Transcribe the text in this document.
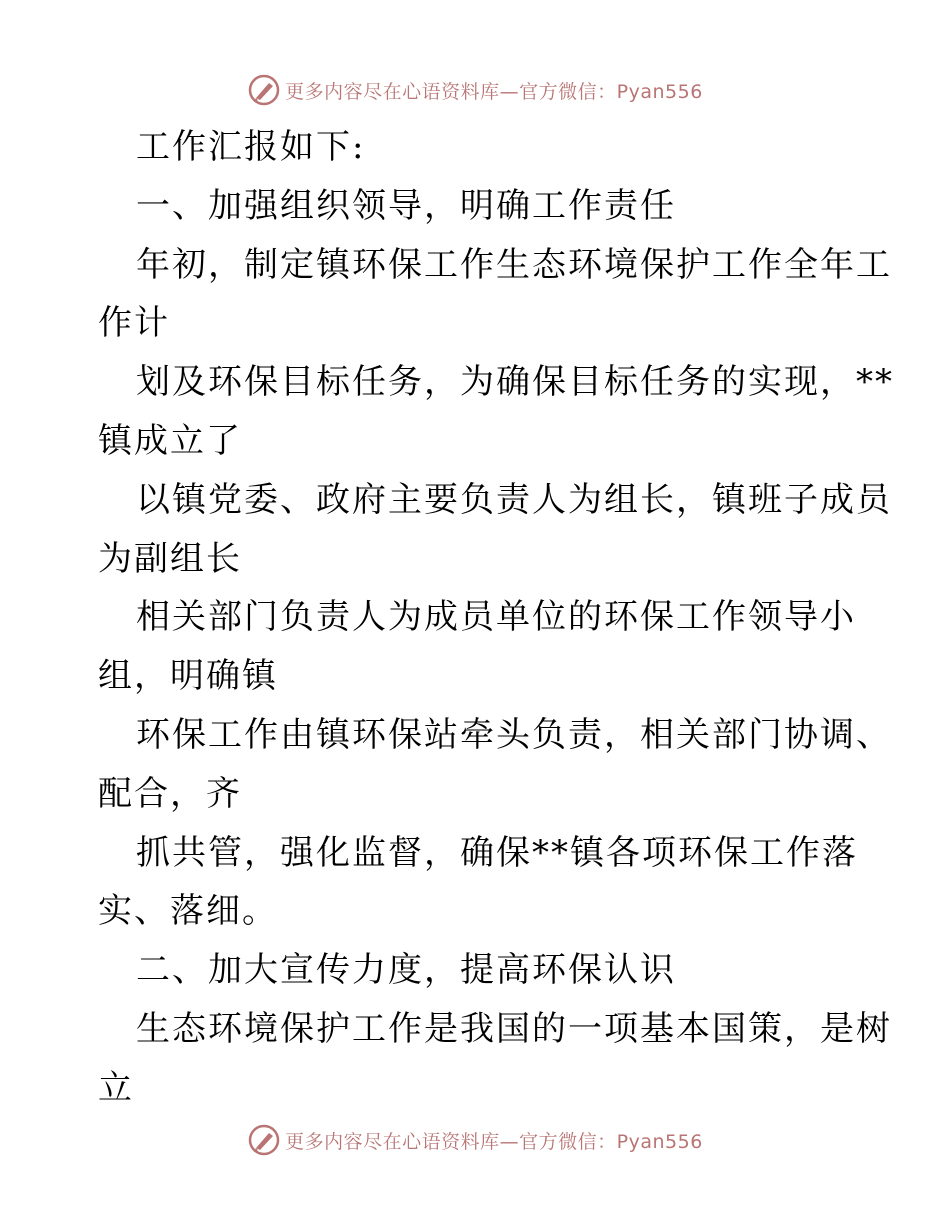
更多内容尽在心语资料库—官方微信：Pyan556
工作汇报如下:
一、加强组织领导，明确工作责任
年初，制定镇环保工作生态环境保护工作全年工
作计
划及环保目标任务，为确保目标任务的实现，**
镇成立了
以镇党委、政府主要负责人为组长，镇班子成员
为副组长
相关部门负责人为成员单位的环保工作领导小
组，明确镇
环保工作由镇环保站牵头负责，相关部门协调、
配合，齐
抓共管，强化监督，确保**镇各项环保工作落
实、落细。
二、加大宣传力度，提高环保认识
生态环境保护工作是我国的一项基本国策，是树
立
更多内容尽在心语资料库—官方微信：Pyan556
